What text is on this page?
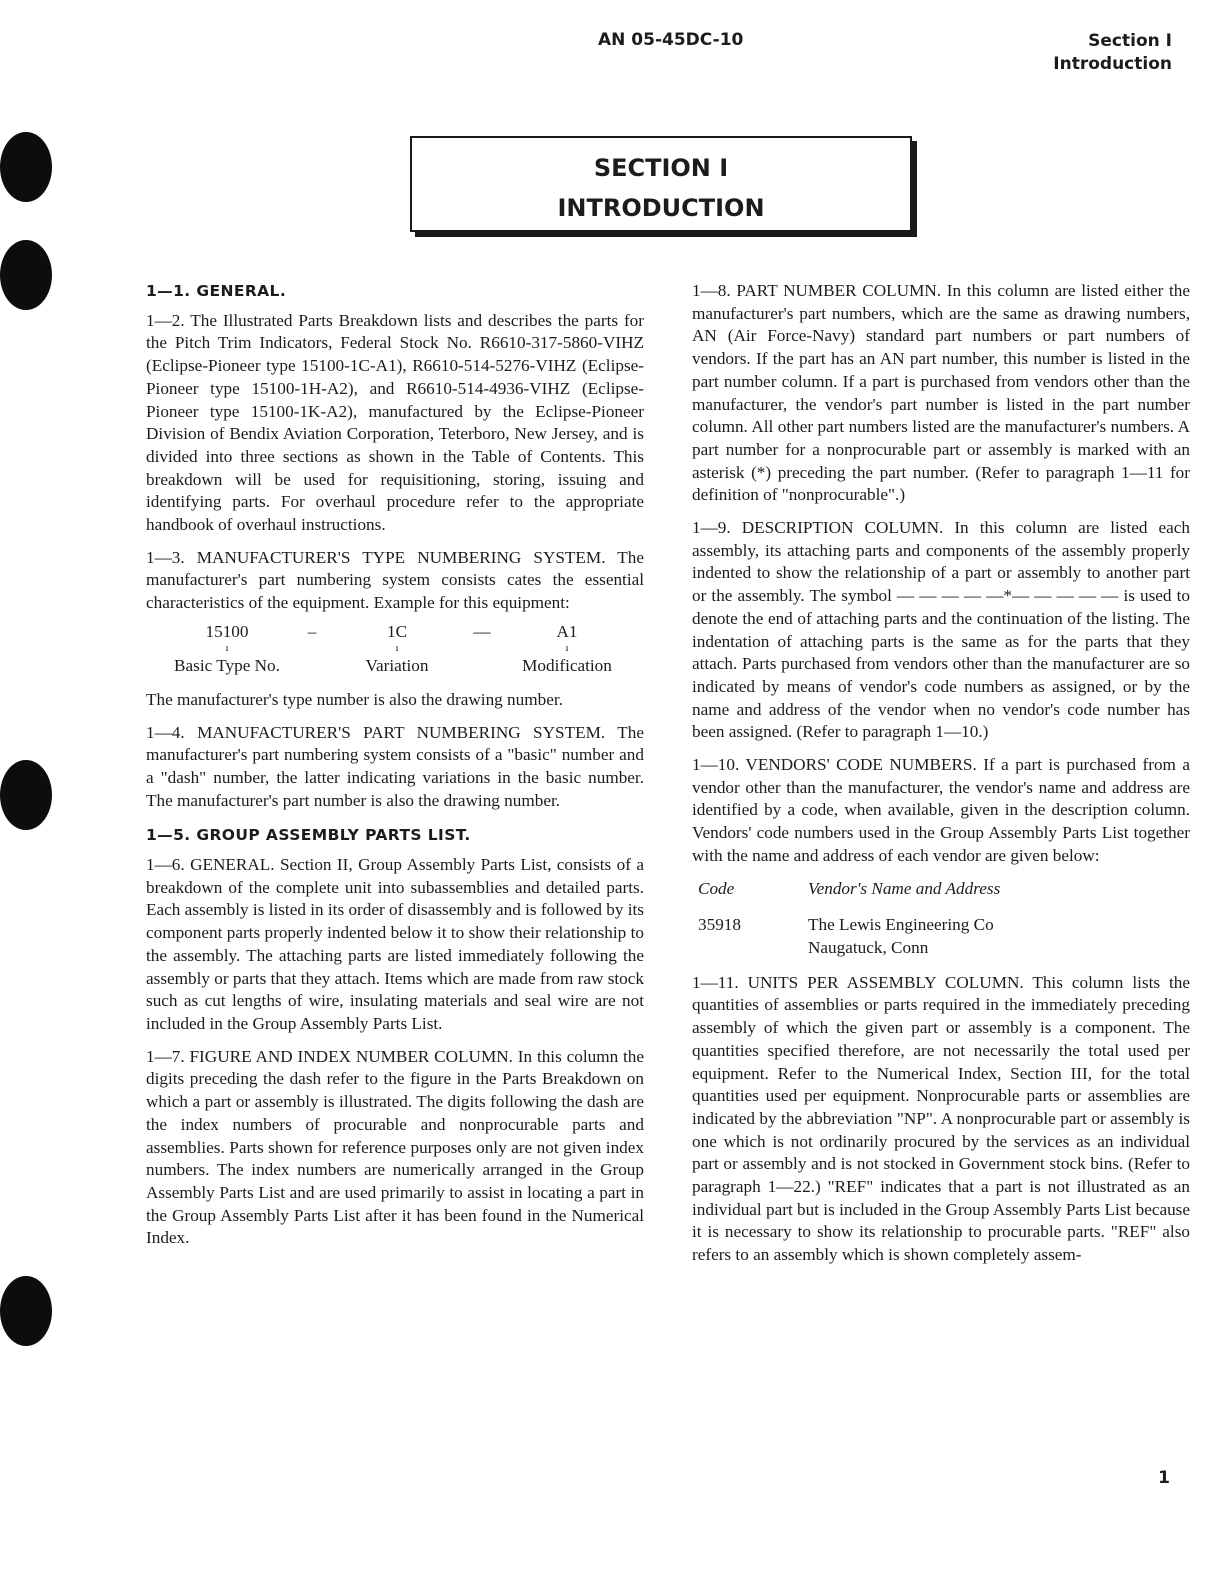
AN 05-45DC-10	Section I
Introduction
SECTION I
INTRODUCTION
1—1. GENERAL.

1—2. The Illustrated Parts Breakdown lists and describes the parts for the Pitch Trim Indicators, Federal Stock No. R6610-317-5860-VIHZ (Eclipse-Pioneer type 15100-1C-A1), R6610-514-5276-VIHZ (Eclipse-Pioneer type 15100-1H-A2), and R6610-514-4936-VIHZ (Eclipse-Pioneer type 15100-1K-A2), manufactured by the Eclipse-Pioneer Division of Bendix Aviation Corporation, Teterboro, New Jersey, and is divided into three sections as shown in the Table of Contents. This breakdown will be used for requisitioning, storing, issuing and identifying parts. For overhaul procedure refer to the appropriate handbook of overhaul instructions.

1—3. MANUFACTURER'S TYPE NUMBERING SYSTEM. The manufacturer's part numbering system consists cates the essential characteristics of the equipment. Example for this equipment:

15100	–	1C	—	A1
ı	ı	ı
Basic Type No.	Variation	Modification

The manufacturer's type number is also the drawing number.

1—4. MANUFACTURER'S PART NUMBERING SYSTEM. The manufacturer's part numbering system consists of a "basic" number and a "dash" number, the latter indicating variations in the basic number. The manufacturer's part number is also the drawing number.

1—5. GROUP ASSEMBLY PARTS LIST.

1—6. GENERAL. Section II, Group Assembly Parts List, consists of a breakdown of the complete unit into subassemblies and detailed parts. Each assembly is listed in its order of disassembly and is followed by its component parts properly indented below it to show their relationship to the assembly. The attaching parts are listed immediately following the assembly or parts that they attach. Items which are made from raw stock such as cut lengths of wire, insulating materials and seal wire are not included in the Group Assembly Parts List.

1—7. FIGURE AND INDEX NUMBER COLUMN. In this column the digits preceding the dash refer to the figure in the Parts Breakdown on which a part or assembly is illustrated. The digits following the dash are the index numbers of procurable and nonprocurable parts and assemblies. Parts shown for reference purposes only are not given index numbers. The index numbers are numerically arranged in the Group Assembly Parts List and are used primarily to assist in locating a part in the Group Assembly Parts List after it has been found in the Numerical Index.

1—8. PART NUMBER COLUMN. In this column are listed either the manufacturer's part numbers, which are the same as drawing numbers, AN (Air Force-Navy) standard part numbers or part numbers of vendors. If the part has an AN part number, this number is listed in the part number column. If a part is purchased from vendors other than the manufacturer, the vendor's part number is listed in the part number column. All other part numbers listed are the manufacturer's numbers. A part number for a nonprocurable part or assembly is marked with an asterisk (*) preceding the part number. (Refer to paragraph 1—11 for definition of "nonprocurable".)

1—9. DESCRIPTION COLUMN. In this column are listed each assembly, its attaching parts and components of the assembly properly indented to show the relationship of a part or assembly to another part or the assembly. The symbol — — — — —*— — — — — is used to denote the end of attaching parts and the continuation of the listing. The indentation of attaching parts is the same as for the parts that they attach. Parts purchased from vendors other than the manufacturer are so indicated by means of vendor's code numbers as assigned, or by the name and address of the vendor when no vendor's code number has been assigned. (Refer to paragraph 1—10.)

1—10. VENDORS' CODE NUMBERS. If a part is purchased from a vendor other than the manufacturer, the vendor's name and address are identified by a code, when available, given in the description column. Vendors' code numbers used in the Group Assembly Parts List together with the name and address of each vendor are given below:

Code	Vendor's Name and Address
35918	The Lewis Engineering Co
Naugatuck, Conn

1—11. UNITS PER ASSEMBLY COLUMN. This column lists the quantities of assemblies or parts required in the immediately preceding assembly of which the given part or assembly is a component. The quantities specified therefore, are not necessarily the total used per equipment. Refer to the Numerical Index, Section III, for the total quantities used per equipment. Nonprocurable parts or assemblies are indicated by the abbreviation "NP". A nonprocurable part or assembly is one which is not ordinarily procured by the services as an individual part or assembly and is not stocked in Government stock bins. (Refer to paragraph 1—22.) "REF" indicates that a part is not illustrated as an individual part but is included in the Group Assembly Parts List because it is necessary to show its relationship to procurable parts. "REF" also refers to an assembly which is shown completely assem-

1
